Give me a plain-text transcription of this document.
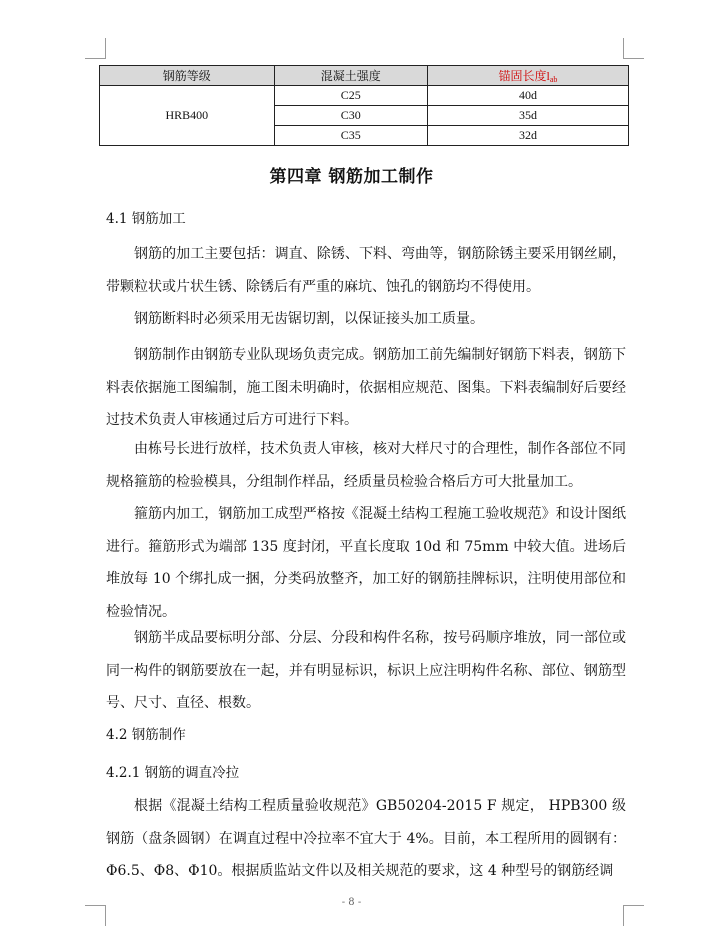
钢筋等级	混凝土强度	锚固长度$l_{ab}$
HRB400	C25	40d
	C30	35d
	C35	32d
第四章 钢筋加工制作
4.1 钢筋加工

钢筋的加工主要包括：调直、除锈、下料、弯曲等，钢筋除锈主要采用钢丝刷，带颗粒状或片状生锈、除锈后有严重的麻坑、蚀孔的钢筋均不得使用。

钢筋断料时必须采用无齿锯切割，以保证接头加工质量。

钢筋制作由钢筋专业队现场负责完成。钢筋加工前先编制好钢筋下料表，钢筋下料表依据施工图编制，施工图未明确时，依据相应规范、图集。下料表编制好后要经过技术负责人审核通过后方可进行下料。

由栋号长进行放样，技术负责人审核，核对大样尺寸的合理性，制作各部位不同规格箍筋的检验模具，分组制作样品，经质量员检验合格后方可大批量加工。

箍筋内加工，钢筋加工成型严格按《混凝土结构工程施工验收规范》和设计图纸进行。箍筋形式为端部 135 度封闭，平直长度取 10d 和 75mm 中较大值。进场后堆放每 10 个绑扎成一捆，分类码放整齐，加工好的钢筋挂牌标识，注明使用部位和检验情况。

钢筋半成品要标明分部、分层、分段和构件名称，按号码顺序堆放，同一部位或同一构件的钢筋要放在一起，并有明显标识，标识上应注明构件名称、部位、钢筋型号、尺寸、直径、根数。

4.2 钢筋制作
4.2.1 钢筋的调直冷拉

根据《混凝土结构工程质量验收规范》GB50204-2015 F 规定， HPB300 级钢筋（盘条圆钢）在调直过程中冷拉率不宜大于 4%。目前，本工程所用的圆钢有：Φ6.5、Φ8、Φ10。根据质监站文件以及相关规范的要求，这 4 种型号的钢筋经调

- 8 -
